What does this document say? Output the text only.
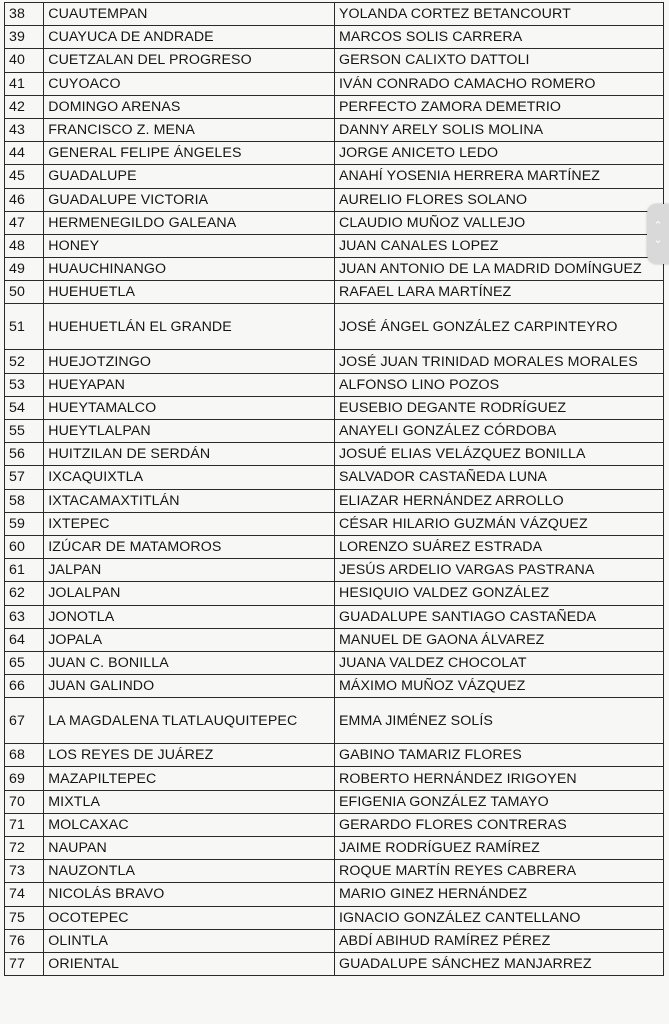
38	CUAUTEMPAN	YOLANDA CORTEZ BETANCOURT
39	CUAYUCA DE ANDRADE	MARCOS SOLIS CARRERA
40	CUETZALAN DEL PROGRESO	GERSON CALIXTO DATTOLI
41	CUYOACO	IVÁN CONRADO CAMACHO ROMERO
42	DOMINGO ARENAS	PERFECTO ZAMORA DEMETRIO
43	FRANCISCO Z. MENA	DANNY ARELY SOLIS MOLINA
44	GENERAL FELIPE ÁNGELES	JORGE ANICETO LEDO
45	GUADALUPE	ANAHÍ YOSENIA HERRERA MARTÍNEZ
46	GUADALUPE VICTORIA	AURELIO FLORES SOLANO
47	HERMENEGILDO GALEANA	CLAUDIO MUÑOZ VALLEJO
48	HONEY	JUAN CANALES LOPEZ
49	HUAUCHINANGO	JUAN ANTONIO DE LA MADRID DOMÍNGUEZ
50	HUEHUETLA	RAFAEL LARA MARTÍNEZ
51	HUEHUETLÁN EL GRANDE	JOSÉ ÁNGEL GONZÁLEZ CARPINTEYRO
52	HUEJOTZINGO	JOSÉ JUAN TRINIDAD MORALES MORALES
53	HUEYAPAN	ALFONSO LINO POZOS
54	HUEYTAMALCO	EUSEBIO DEGANTE RODRÍGUEZ
55	HUEYTLALPAN	ANAYELI GONZÁLEZ CÓRDOBA
56	HUITZILAN DE SERDÁN	JOSUÉ ELIAS VELÁZQUEZ BONILLA
57	IXCAQUIXTLA	SALVADOR CASTAÑEDA LUNA
58	IXTACAMAXTITLÁN	ELIAZAR HERNÁNDEZ ARROLLO
59	IXTEPEC	CÉSAR HILARIO GUZMÁN VÁZQUEZ
60	IZÚCAR DE MATAMOROS	LORENZO SUÁREZ ESTRADA
61	JALPAN	JESÚS ARDELIO VARGAS PASTRANA
62	JOLALPAN	HESIQUIO VALDEZ GONZÁLEZ
63	JONOTLA	GUADALUPE SANTIAGO CASTAÑEDA
64	JOPALA	MANUEL DE GAONA ÁLVAREZ
65	JUAN C. BONILLA	JUANA VALDEZ CHOCOLAT
66	JUAN GALINDO	MÁXIMO MUÑOZ VÁZQUEZ
67	LA MAGDALENA TLATLAUQUITEPEC	EMMA JIMÉNEZ SOLÍS
68	LOS REYES DE JUÁREZ	GABINO TAMARIZ FLORES
69	MAZAPILTEPEC	ROBERTO HERNÁNDEZ IRIGOYEN
70	MIXTLA	EFIGENIA GONZÁLEZ TAMAYO
71	MOLCAXAC	GERARDO FLORES CONTRERAS
72	NAUPAN	JAIME RODRÍGUEZ RAMÍREZ
73	NAUZONTLA	ROQUE MARTÍN REYES CABRERA
74	NICOLÁS BRAVO	MARIO GINEZ HERNÁNDEZ
75	OCOTEPEC	IGNACIO GONZÁLEZ CANTELLANO
76	OLINTLA	ABDÍ ABIHUD RAMÍREZ PÉREZ
77	ORIENTAL	GUADALUPE SÁNCHEZ MANJARREZ
⌃
⌄
